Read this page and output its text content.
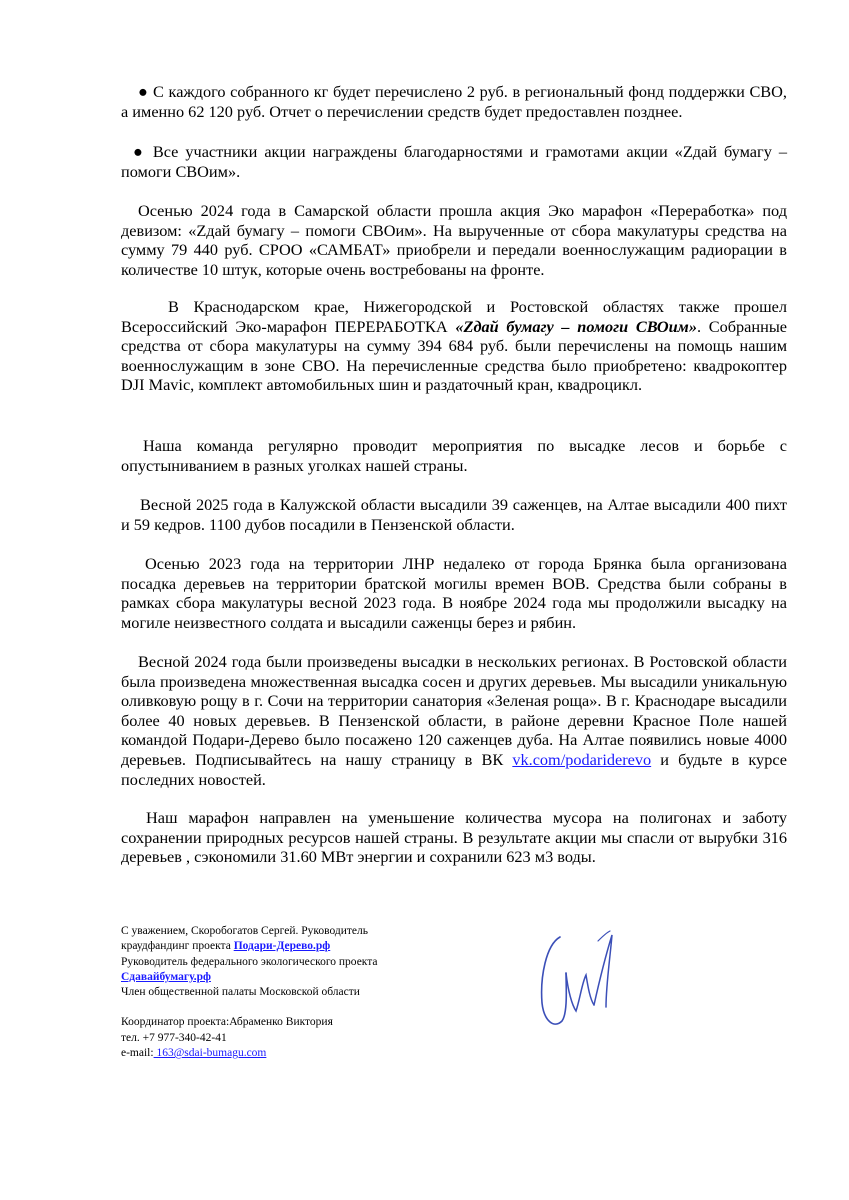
● С каждого собранного кг будет перечислено 2 руб. в региональный фонд поддержки СВО, а именно 62 120 руб. Отчет о перечислении средств будет предоставлен позднее.

● Все участники акции награждены благодарностями и грамотами акции «Zдай бумагу – помоги СВОим».

Осенью 2024 года в Самарской области прошла акция Эко марафон «Переработка» под девизом: «Zдай бумагу – помоги СВОим». На вырученные от сбора макулатуры средства на сумму 79 440 руб. СРОО «САМБАТ» приобрели и передали военнослужащим радиорации в количестве 10 штук, которые очень востребованы на фронте.

В Краснодарском крае, Нижегородской и Ростовской областях также прошел Всероссийский Эко-марафон ПЕРЕРАБОТКА «Zдай бумагу – помоги СВОим». Собранные средства от сбора макулатуры на сумму 394 684 руб. были перечислены на помощь нашим военнослужащим в зоне СВО. На перечисленные средства было приобретено: квадрокоптер DJI Mavic, комплект автомобильных шин и раздаточный кран, квадроцикл.

Наша команда регулярно проводит мероприятия по высадке лесов и борьбе с опустыниванием в разных уголках нашей страны.

Весной 2025 года в Калужской области высадили 39 саженцев, на Алтае высадили 400 пихт и 59 кедров. 1100 дубов посадили в Пензенской области.

Осенью 2023 года на территории ЛНР недалеко от города Брянка была организована посадка деревьев на территории братской могилы времен ВОВ. Средства были собраны в рамках сбора макулатуры весной 2023 года. В ноябре 2024 года мы продолжили высадку на могиле неизвестного солдата и высадили саженцы берез и рябин.

Весной 2024 года были произведены высадки в нескольких регионах. В Ростовской области была произведена множественная высадка сосен и других деревьев. Мы высадили уникальную оливковую рощу в г. Сочи на территории санатория «Зеленая роща». В г. Краснодаре высадили более 40 новых деревьев. В Пензенской области, в районе деревни Красное Поле нашей командой Подари-Дерево было посажено 120 саженцев дуба. На Алтае появились новые 4000 деревьев. Подписывайтесь на нашу страницу в ВК vk.com/podariderevo и будьте в курсе последних новостей.

Наш марафон направлен на уменьшение количества мусора на полигонах и заботу сохранении природных ресурсов нашей страны. В результате акции мы спасли от вырубки 316 деревьев , сэкономили 31.60 МВт энергии и сохранили 623 м3 воды.

С уважением, Скоробогатов Сергей. Руководитель
краудфандинг проекта Подари-Дерево.рф
Руководитель федерального экологического проекта
Сдавайбумагу.рф
Член общественной палаты Московской области
Координатор проекта:Абраменко Виктория
тел. +7 977-340-42-41
e-mail: 163@sdai-bumagu.com
